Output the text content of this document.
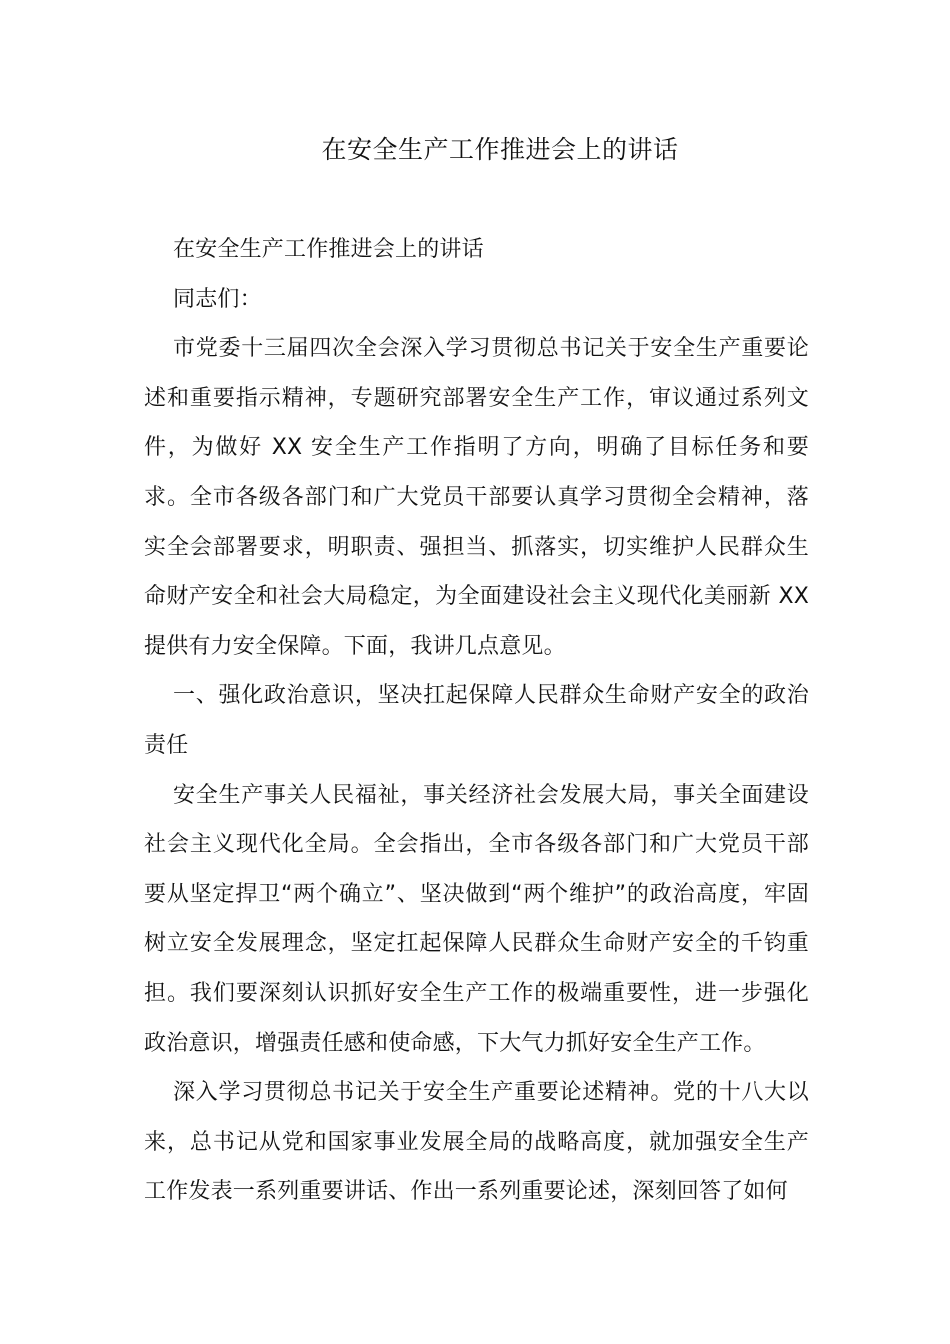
在安全生产工作推进会上的讲话

在安全生产工作推进会上的讲话

同志们：

市党委十三届四次全会深入学习贯彻总书记关于安全生产重要论述和重要指示精神，专题研究部署安全生产工作，审议通过系列文件，为做好 XX 安全生产工作指明了方向，明确了目标任务和要求。全市各级各部门和广大党员干部要认真学习贯彻全会精神，落实全会部署要求，明职责、强担当、抓落实，切实维护人民群众生命财产安全和社会大局稳定，为全面建设社会主义现代化美丽新 XX 提供有力安全保障。下面，我讲几点意见。

一、强化政治意识，坚决扛起保障人民群众生命财产安全的政治责任

安全生产事关人民福祉，事关经济社会发展大局，事关全面建设社会主义现代化全局。全会指出，全市各级各部门和广大党员干部要从坚定捍卫“两个确立”、坚决做到“两个维护”的政治高度，牢固树立安全发展理念，坚定扛起保障人民群众生命财产安全的千钧重担。我们要深刻认识抓好安全生产工作的极端重要性，进一步强化政治意识，增强责任感和使命感，下大气力抓好安全生产工作。

深入学习贯彻总书记关于安全生产重要论述精神。党的十八大以来，总书记从党和国家事业发展全局的战略高度，就加强安全生产工作发表一系列重要讲话、作出一系列重要论述，深刻回答了如何
